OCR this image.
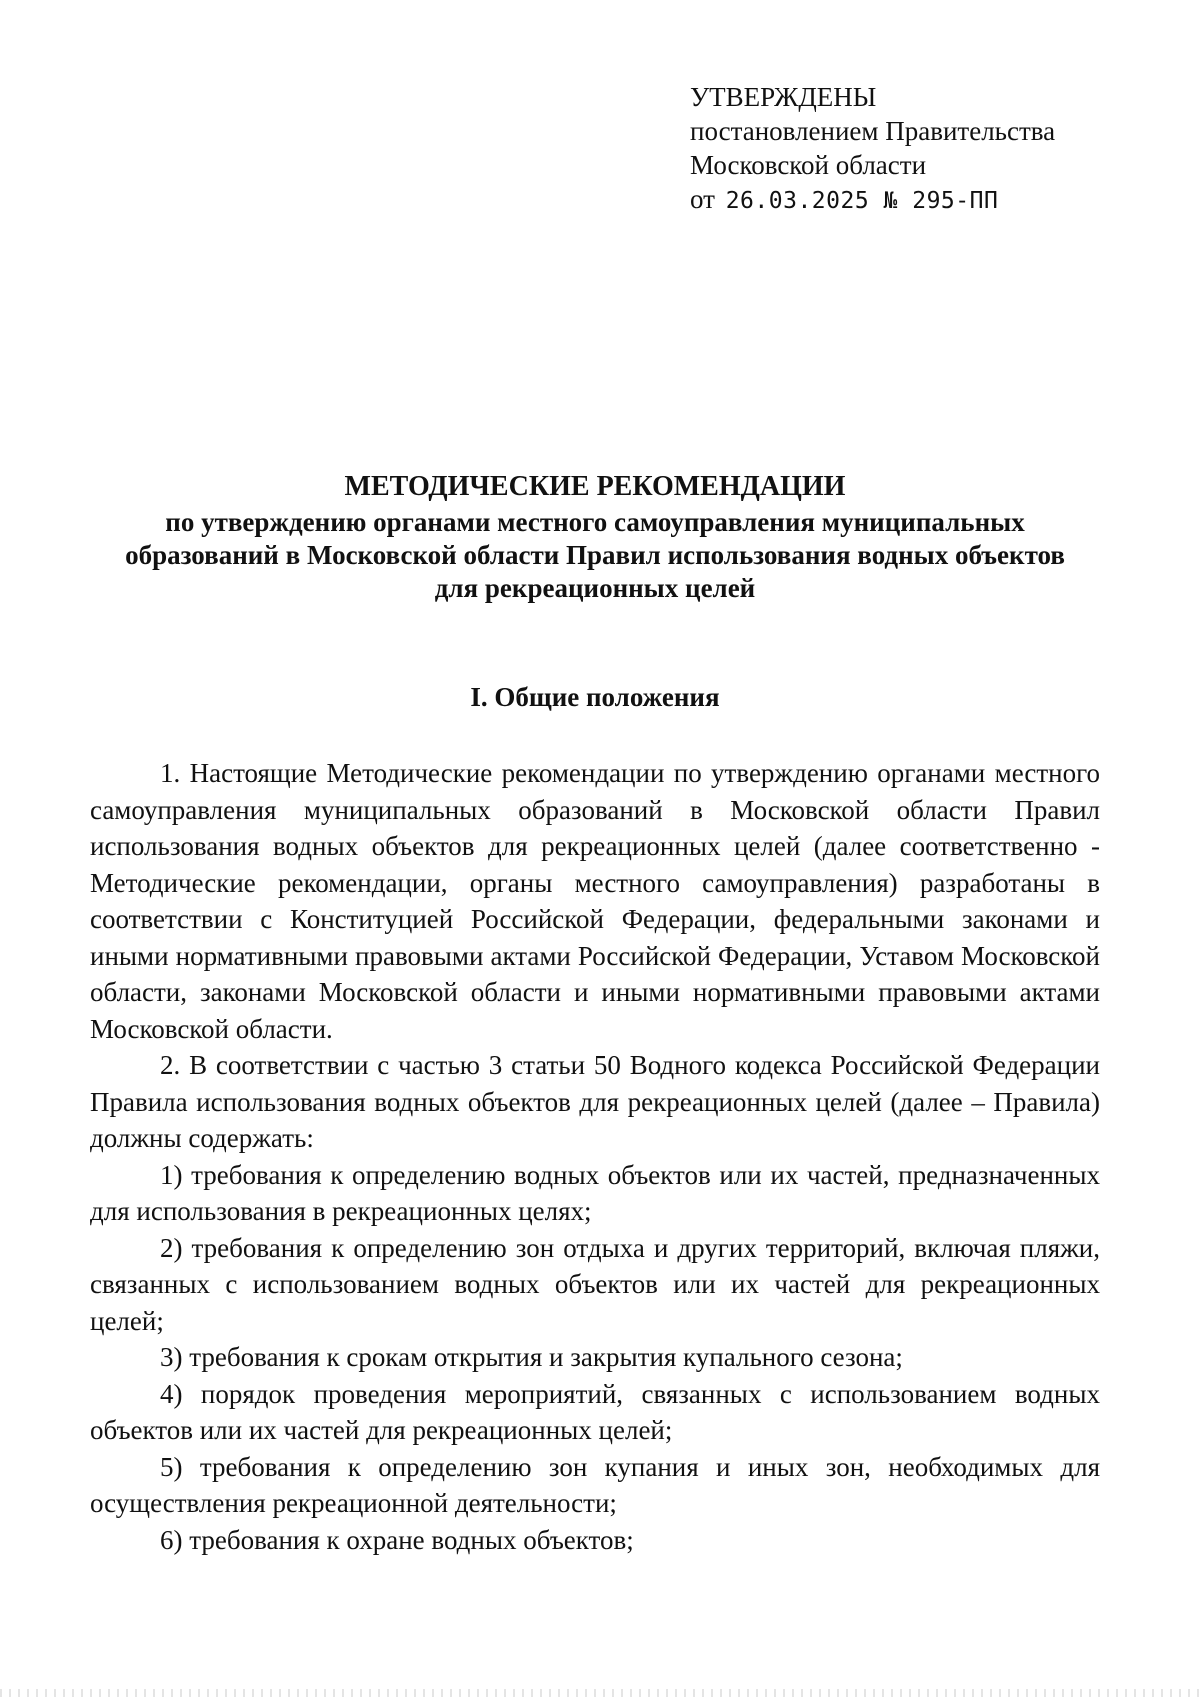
УТВЕРЖДЕНЫ
постановлением Правительства
Московской области
от 26.03.2025 № 295-ПП
МЕТОДИЧЕСКИЕ РЕКОМЕНДАЦИИ
по утверждению органами местного самоуправления муниципальных
образований в Московской области Правил использования водных объектов
для рекреационных целей
I. Общие положения

1. Настоящие Методические рекомендации по утверждению органами местного самоуправления муниципальных образований в Московской области Правил использования водных объектов для рекреационных целей (далее соответственно - Методические рекомендации, органы местного самоуправления) разработаны в соответствии с Конституцией Российской Федерации, федеральными законами и иными нормативными правовыми актами Российской Федерации, Уставом Московской области, законами Московской области и иными нормативными правовыми актами Московской области.

2. В соответствии с частью 3 статьи 50 Водного кодекса Российской Федерации Правила использования водных объектов для рекреационных целей (далее – Правила) должны содержать:

1) требования к определению водных объектов или их частей, предназначенных для использования в рекреационных целях;

2) требования к определению зон отдыха и других территорий, включая пляжи, связанных с использованием водных объектов или их частей для рекреационных целей;

3) требования к срокам открытия и закрытия купального сезона;

4) порядок проведения мероприятий, связанных с использованием водных объектов или их частей для рекреационных целей;

5) требования к определению зон купания и иных зон, необходимых для осуществления рекреационной деятельности;

6) требования к охране водных объектов;
